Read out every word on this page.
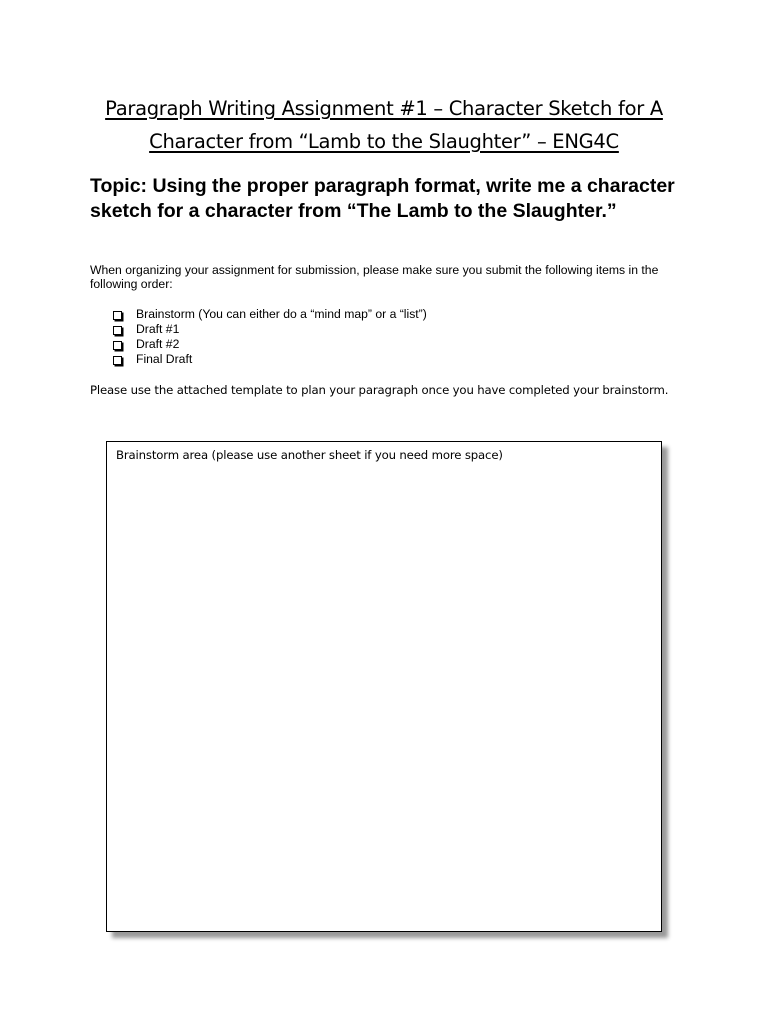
Paragraph Writing Assignment #1 – Character Sketch for A
Character from “Lamb to the Slaughter” – ENG4C
Topic: Using the proper paragraph format, write me a character sketch for a character from “The Lamb to the Slaughter.”
When organizing your assignment for submission, please make sure you submit the following items in the following order:
Brainstorm (You can either do a “mind map” or a “list”)
Draft #1
Draft #2
Final Draft
Please use the attached template to plan your paragraph once you have completed your brainstorm.
Brainstorm area (please use another sheet if you need more space)
